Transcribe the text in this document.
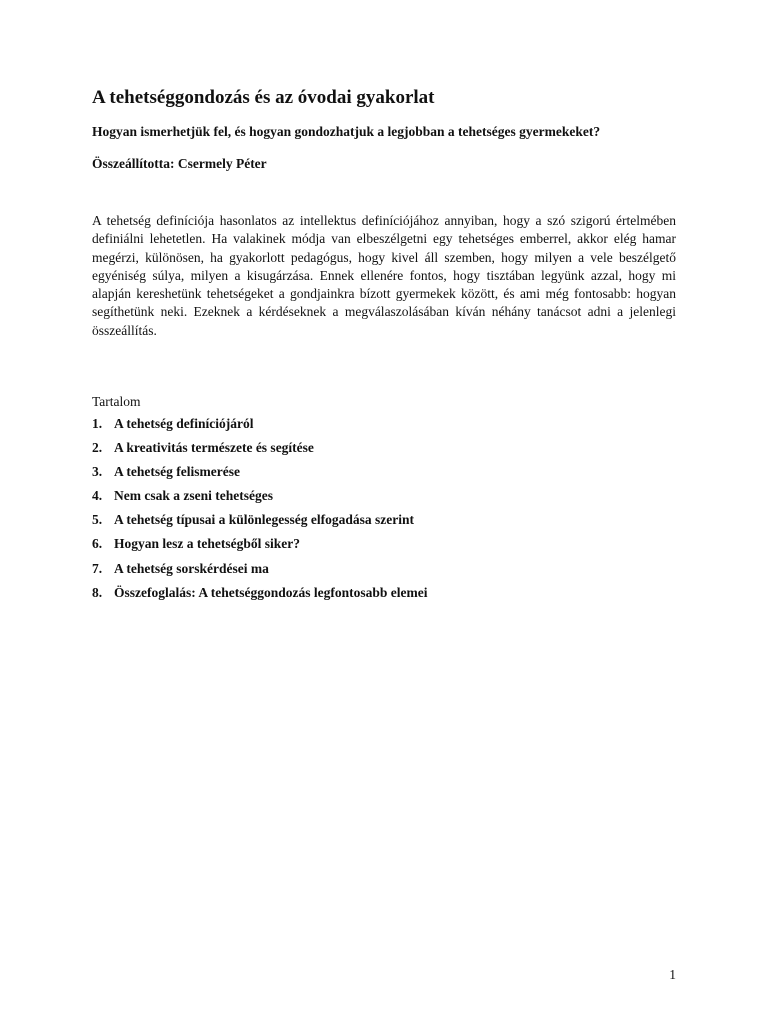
A tehetséggondozás és az óvodai gyakorlat

Hogyan ismerhetjük fel, és hogyan gondozhatjuk a legjobban a tehetséges gyermekeket?

Összeállította: Csermely Péter

A tehetség definíciója hasonlatos az intellektus definíciójához annyiban, hogy a szó szigorú értelmében definiálni lehetetlen. Ha valakinek módja van elbeszélgetni egy tehetséges emberrel, akkor elég hamar megérzi, különösen, ha gyakorlott pedagógus, hogy kivel áll szemben, hogy milyen a vele beszélgető egyéniség súlya, milyen a kisugárzása. Ennek ellenére fontos, hogy tisztában legyünk azzal, hogy mi alapján kereshetünk tehetségeket a gondjainkra bízott gyermekek között, és ami még fontosabb: hogyan segíthetünk neki. Ezeknek a kérdéseknek a megválaszolásában kíván néhány tanácsot adni a jelenlegi összeállítás.

Tartalom

1. A tehetség definíciójáról
2. A kreativitás természete és segítése
3. A tehetség felismerése
4. Nem csak a zseni tehetséges
5. A tehetség típusai a különlegesség elfogadása szerint
6. Hogyan lesz a tehetségből siker?
7. A tehetség sorskérdései ma
8. Összefoglalás: A tehetséggondozás legfontosabb elemei
1
